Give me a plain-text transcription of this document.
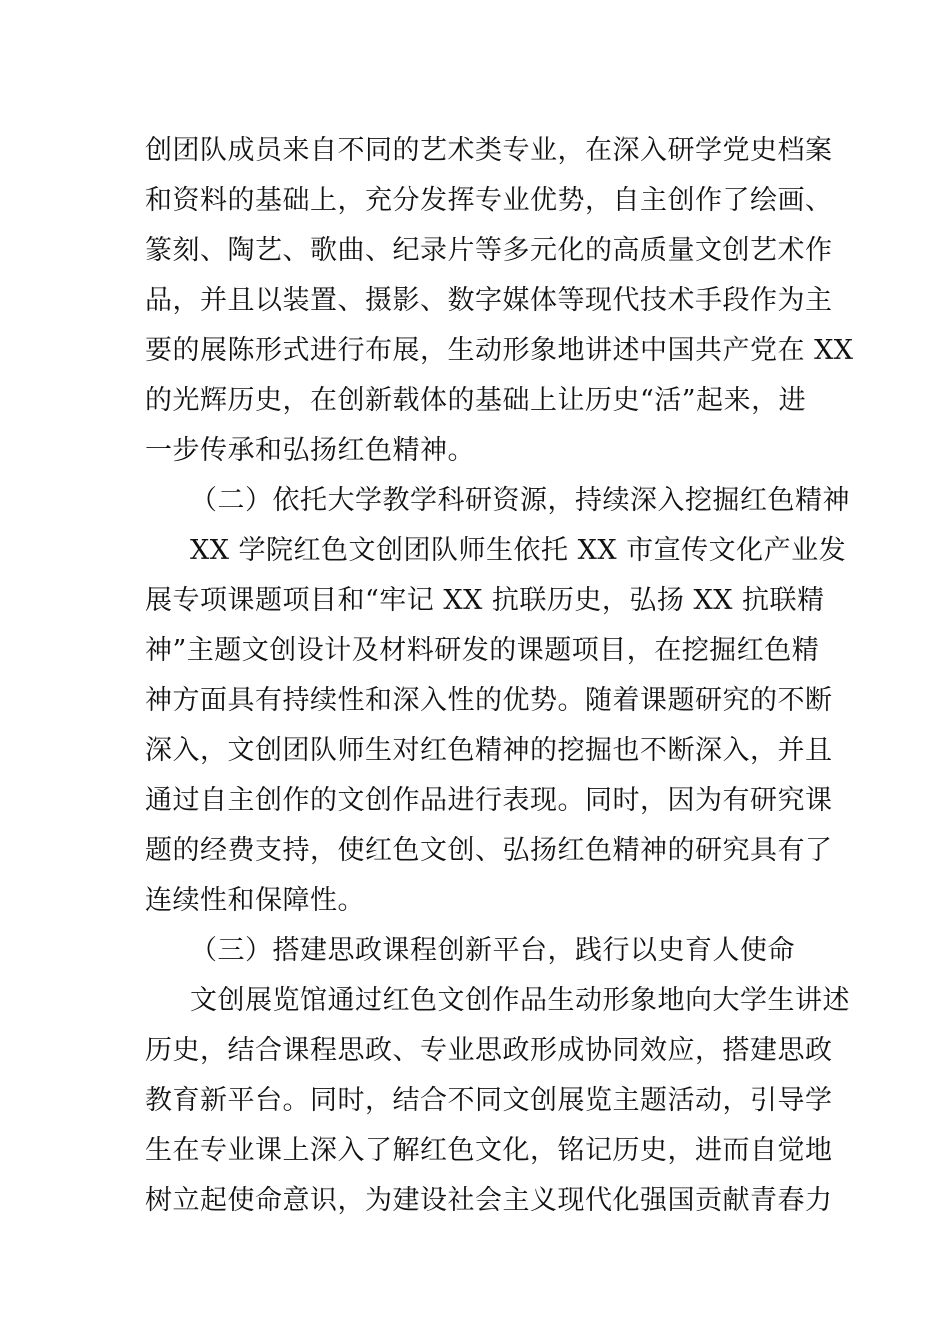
创团队成员来自不同的艺术类专业，在深入研学党史档案
和资料的基础上，充分发挥专业优势，自主创作了绘画、
篆刻、陶艺、歌曲、纪录片等多元化的高质量文创艺术作
品，并且以装置、摄影、数字媒体等现代技术手段作为主
要的展陈形式进行布展，生动形象地讲述中国共产党在 XX
的光辉历史，在创新载体的基础上让历史“活”起来，进
一步传承和弘扬红色精神。
（二）依托大学教学科研资源，持续深入挖掘红色精神
XX 学院红色文创团队师生依托 XX 市宣传文化产业发
展专项课题项目和“牢记 XX 抗联历史，弘扬 XX 抗联精
神”主题文创设计及材料研发的课题项目，在挖掘红色精
神方面具有持续性和深入性的优势。随着课题研究的不断
深入，文创团队师生对红色精神的挖掘也不断深入，并且
通过自主创作的文创作品进行表现。同时，因为有研究课
题的经费支持，使红色文创、弘扬红色精神的研究具有了
连续性和保障性。
（三）搭建思政课程创新平台，践行以史育人使命
文创展览馆通过红色文创作品生动形象地向大学生讲述
历史，结合课程思政、专业思政形成协同效应，搭建思政
教育新平台。同时，结合不同文创展览主题活动，引导学
生在专业课上深入了解红色文化，铭记历史，进而自觉地
树立起使命意识，为建设社会主义现代化强国贡献青春力
